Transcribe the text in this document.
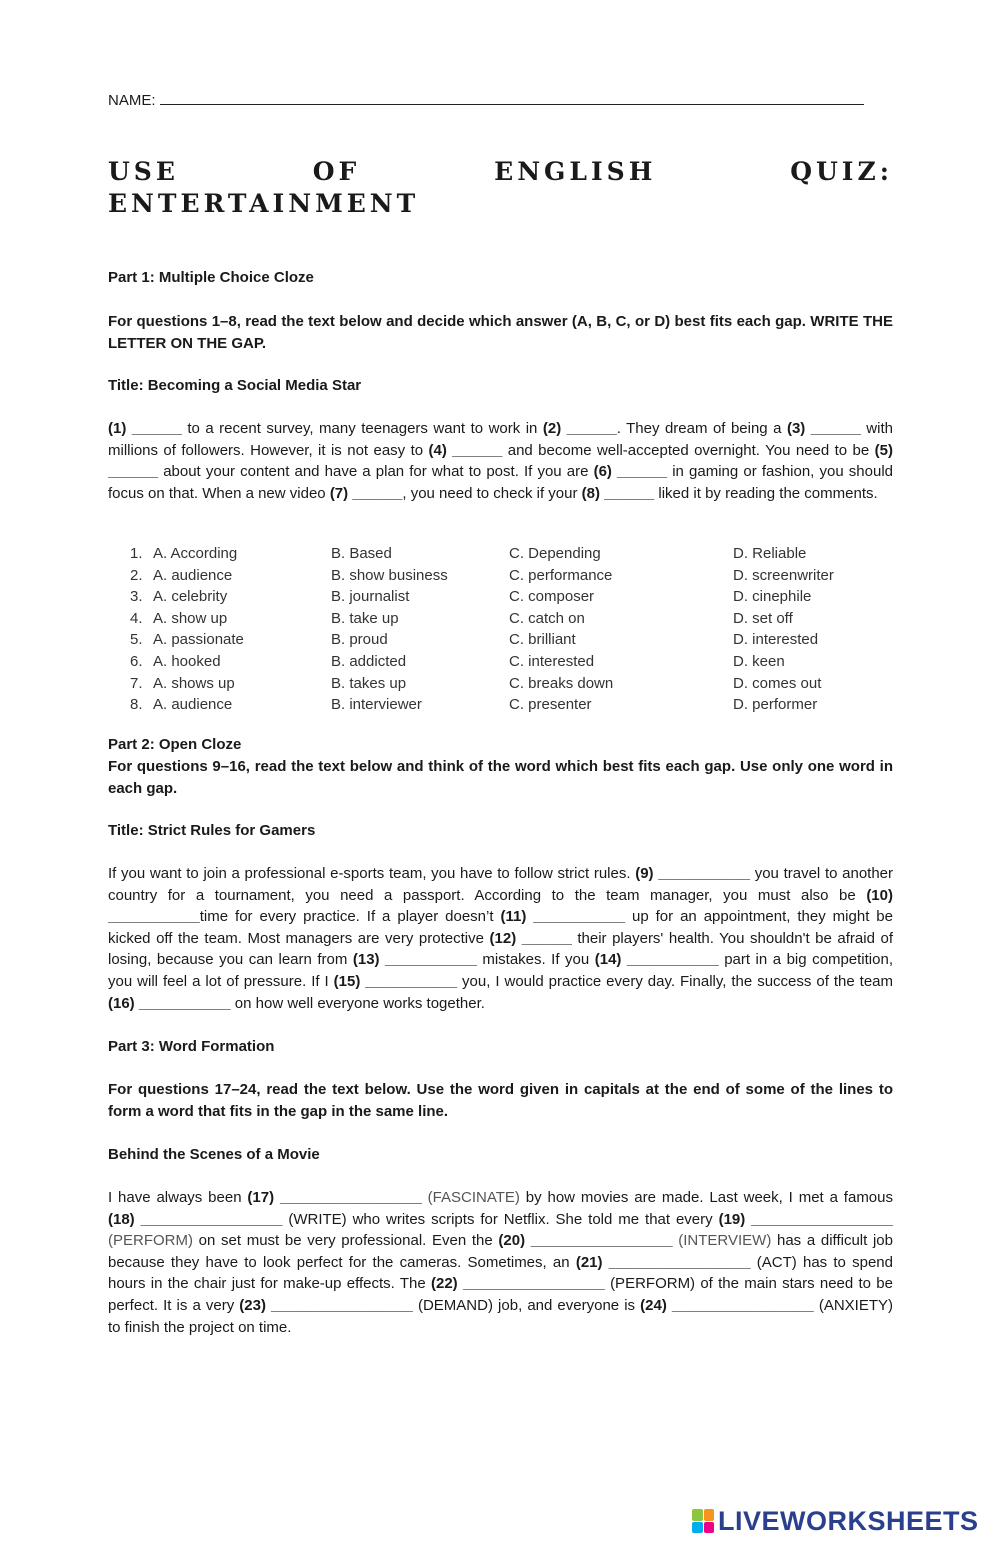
NAME:
USE	OF	ENGLISH	QUIZ:
ENTERTAINMENT
Part 1: Multiple Choice Cloze
For questions 1–8, read the text below and decide which answer (A, B, C, or D) best fits each gap. WRITE THE LETTER ON THE GAP.
Title: Becoming a Social Media Star
(1) ______ to a recent survey, many teenagers want to work in (2) ______. They dream of being a (3) ______ with millions of followers. However, it is not easy to (4) ______ and become well-accepted overnight. You need to be (5) ______ about your content and have a plan for what to post. If you are (6) ______ in gaming or fashion, you should focus on that. When a new video (7) ______, you need to check if your (8) ______ liked it by reading the comments.
1. A. According	B. Based	C. Depending	D. Reliable
2. A. audience	B. show business	C. performance	D. screenwriter
3. A. celebrity	B. journalist	C. composer	D. cinephile
4. A. show up	B. take up	C. catch on	D. set off
5. A. passionate	B. proud	C. brilliant	D. interested
6. A. hooked	B. addicted	C. interested	D. keen
7. A. shows up	B. takes up	C. breaks down	D. comes out
8. A. audience	B. interviewer	C. presenter	D. performer
Part 2: Open Cloze
For questions 9–16, read the text below and think of the word which best fits each gap. Use only one word in each gap.
Title: Strict Rules for Gamers
If you want to join a professional e-sports team, you have to follow strict rules. (9) ___________ you travel to another country for a tournament, you need a passport. According to the team manager, you must also be (10) ___________time for every practice. If a player doesn’t (11) ___________ up for an appointment, they might be kicked off the team. Most managers are very protective (12) ______ their players' health. You shouldn't be afraid of losing, because you can learn from (13) ___________ mistakes. If you (14) ___________ part in a big competition, you will feel a lot of pressure. If I (15) ___________ you, I would practice every day. Finally, the success of the team (16) ___________ on how well everyone works together.
Part 3: Word Formation
For questions 17–24, read the text below. Use the word given in capitals at the end of some of the lines to form a word that fits in the gap in the same line.
Behind the Scenes of a Movie
I have always been (17) _________________ (FASCINATE) by how movies are made. Last week, I met a famous (18) _________________ (WRITE) who writes scripts for Netflix. She told me that every (19) _________________ (PERFORM) on set must be very professional. Even the (20) _________________ (INTERVIEW) has a difficult job because they have to look perfect for the cameras. Sometimes, an (21) _________________ (ACT) has to spend hours in the chair just for make-up effects. The (22) _________________ (PERFORM) of the main stars need to be perfect. It is a very (23) _________________ (DEMAND) job, and everyone is (24) _________________ (ANXIETY) to finish the project on time.
LIVEWORKSHEETS
